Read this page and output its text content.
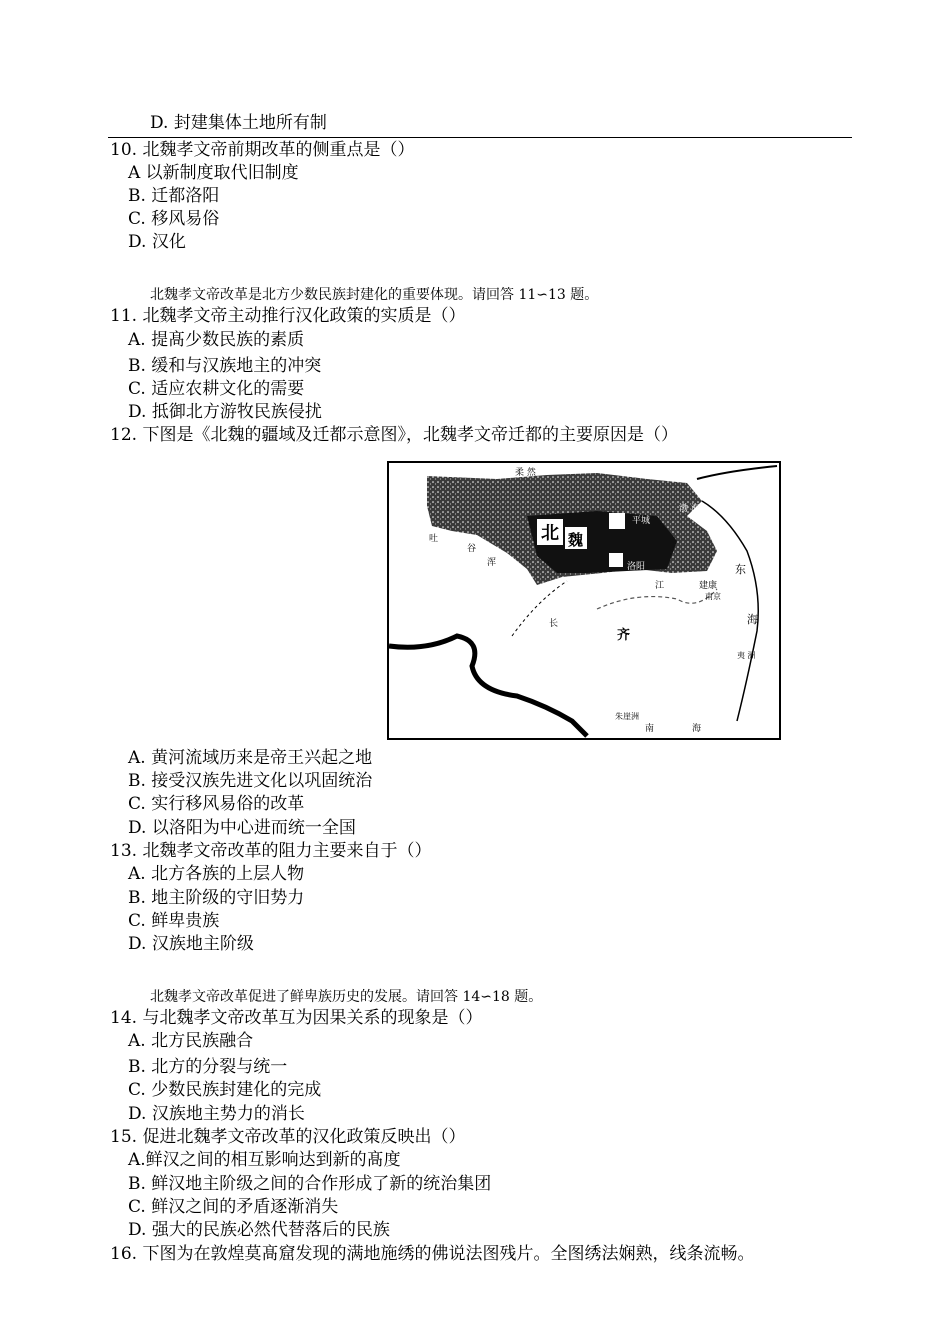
D. 封建集体土地所有制
10. 北魏孝文帝前期改革的侧重点是（）
A 以新制度取代旧制度
B. 迁都洛阳
C. 移风易俗
D. 汉化
北魏孝文帝改革是北方少数民族封建化的重要体现。请回答 11∽13 题。
11. 北魏孝文帝主动推行汉化政策的实质是（）
A. 提髙少数民族的素质
B. 缓和与汉族地主的冲突
C. 适应农耕文化的需要
D. 抵御北方游牧民族侵扰
12. 下图是《北魏的疆域及迁都示意图》，北魏孝文帝迁都的主要原因是（）
柔 然
吐
谷
浑
北 魏
平城
洛阳
渤 海
建康
南京
江
长
齐
东
海
夷 洲
朱崖洲
南	海
A. 黄河流域历来是帝王兴起之地
B. 接受汉族先进文化以巩固统治
C. 实行移风易俗的改革
D. 以洛阳为中心进而统一全国
13. 北魏孝文帝改革的阻力主要来自于（）
A. 北方各族的上层人物
B. 地主阶级的守旧势力
C. 鲜卑贵族
D. 汉族地主阶级
北魏孝文帝改革促进了鲜卑族历史的发展。请回答 14∽18 题。
14. 与北魏孝文帝改革互为因果关系的现象是（）
A. 北方民族融合
B. 北方的分裂与统一
C. 少数民族封建化的完成
D. 汉族地主势力的消长
15. 促进北魏孝文帝改革的汉化政策反映出（）
A.鲜汉之间的相互影响达到新的髙度
B. 鲜汉地主阶级之间的合作形成了新的统治集团
C. 鲜汉之间的矛盾逐渐消失
D. 强大的民族必然代替落后的民族
16. 下图为在敦煌莫髙窟发现的满地施绣的佛说法图残片。全图绣法娴熟，线条流畅。
